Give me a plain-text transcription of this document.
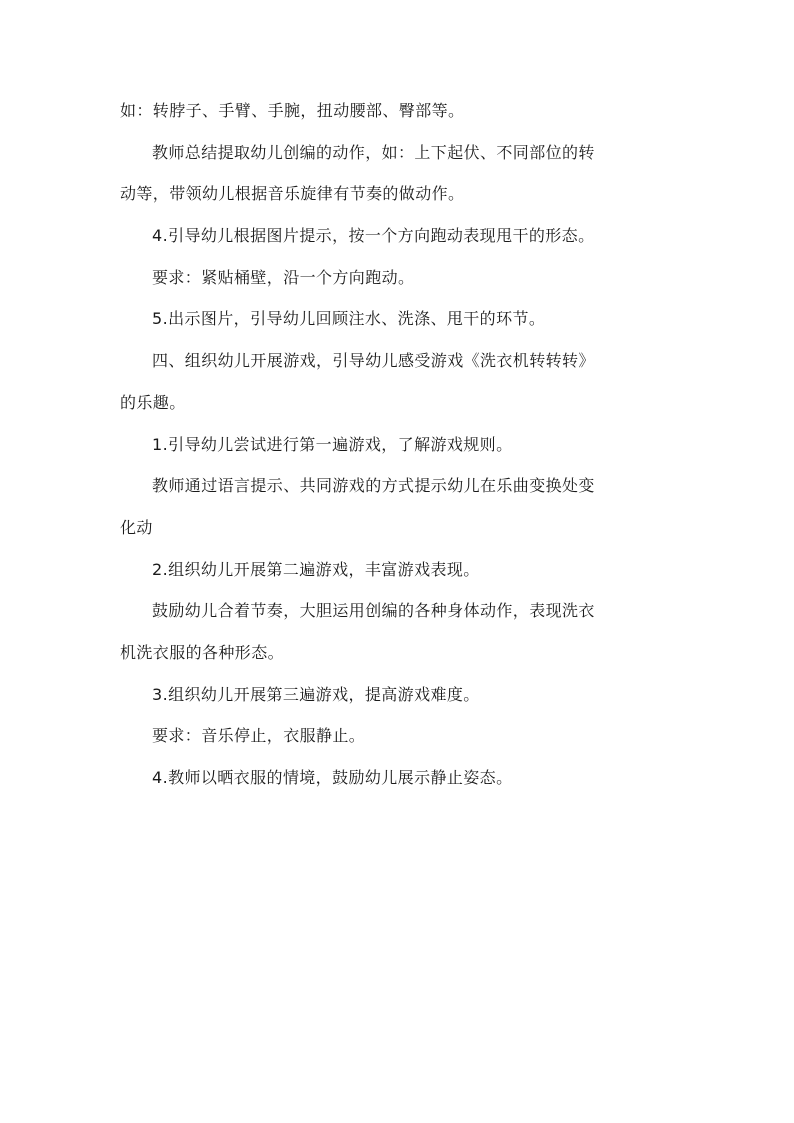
如：转脖子、手臂、手腕，扭动腰部、臀部等。
教师总结提取幼儿创编的动作，如：上下起伏、不同部位的转
动等，带领幼儿根据音乐旋律有节奏的做动作。
4.引导幼儿根据图片提示，按一个方向跑动表现甩干的形态。
要求：紧贴桶壁，沿一个方向跑动。
5.出示图片，引导幼儿回顾注水、洗涤、甩干的环节。
四、组织幼儿开展游戏，引导幼儿感受游戏《洗衣机转转转》
的乐趣。
1.引导幼儿尝试进行第一遍游戏，了解游戏规则。
教师通过语言提示、共同游戏的方式提示幼儿在乐曲变换处变
化动
2.组织幼儿开展第二遍游戏，丰富游戏表现。
鼓励幼儿合着节奏，大胆运用创编的各种身体动作，表现洗衣
机洗衣服的各种形态。
3.组织幼儿开展第三遍游戏，提高游戏难度。
要求：音乐停止，衣服静止。
4.教师以晒衣服的情境，鼓励幼儿展示静止姿态。
